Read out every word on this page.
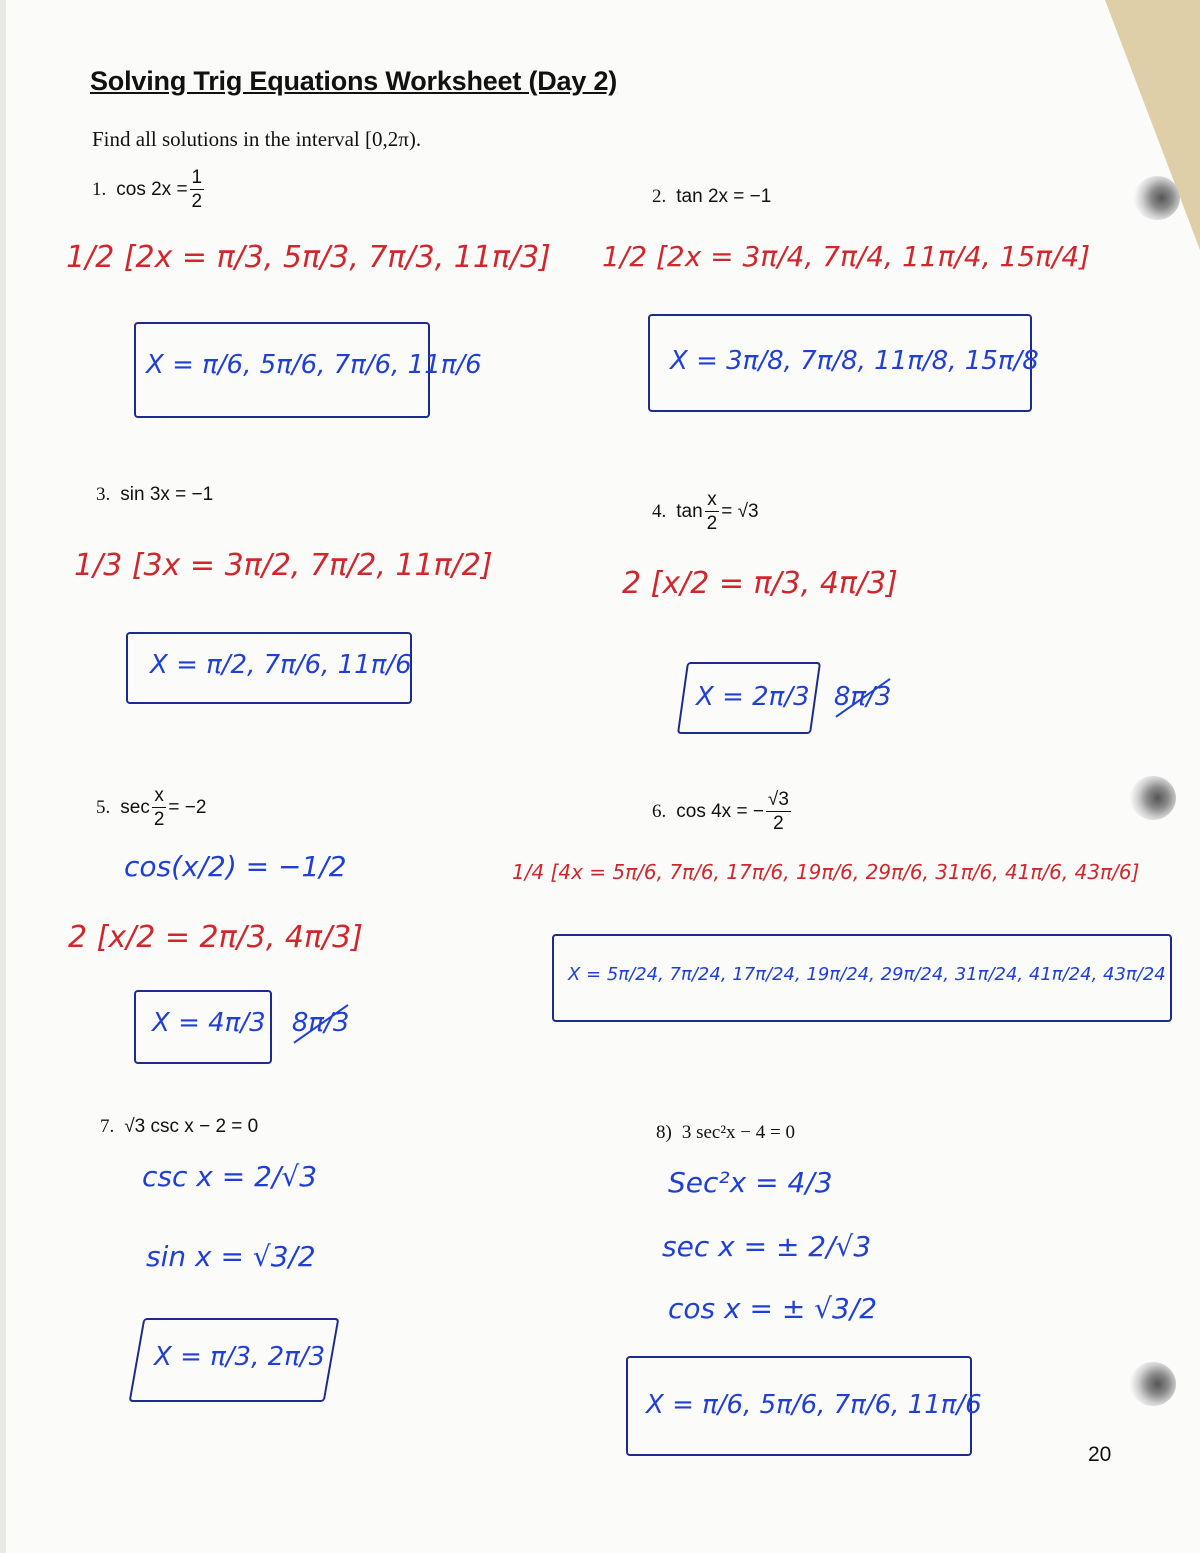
Solving Trig Equations Worksheet (Day 2)
Find all solutions in the interval [0,2π).
1. $\cos 2x = \frac{1}{2}$
1/2 [2x = π/3, 5π/3, 7π/3, 11π/3]
X = π/6, 5π/6, 7π/6, 11π/6
2. tan 2x = −1
1/2 [2x = 3π/4, 7π/4, 11π/4, 15π/4]
X = 3π/8, 7π/8, 11π/8, 15π/8
3. sin 3x = −1
1/3 [3x = 3π/2, 7π/2, 11π/2]
X = π/2, 7π/6, 11π/6
4. $\tan \frac{x}{2} = √3$
2 [x/2 = π/3, 4π/3]
X = 2π/3 8π/3
5. $\sec \frac{x}{2} = -2$
cos(x/2) = −1/2
2 [x/2 = 2π/3, 4π/3]
X = 4π/3 8π/3
6. cos 4x = − $\frac{√3}{2}$
1/4 [4x = 5π/6, 7π/6, 17π/6, 19π/6, 29π/6, 31π/6, 41π/6, 43π/6]
X = 5π/24, 7π/24, 17π/24, 19π/24, 29π/24, 31π/24, 41π/24, 43π/24
7. √3 csc x − 2 = 0
csc x = 2/√3
sin x = √3/2
X = π/3, 2π/3
8) 3 sec²x − 4 = 0
Sec²x = 4/3
sec x = ± 2/√3
cos x = ± √3/2
X = π/6, 5π/6, 7π/6, 11π/6
20
